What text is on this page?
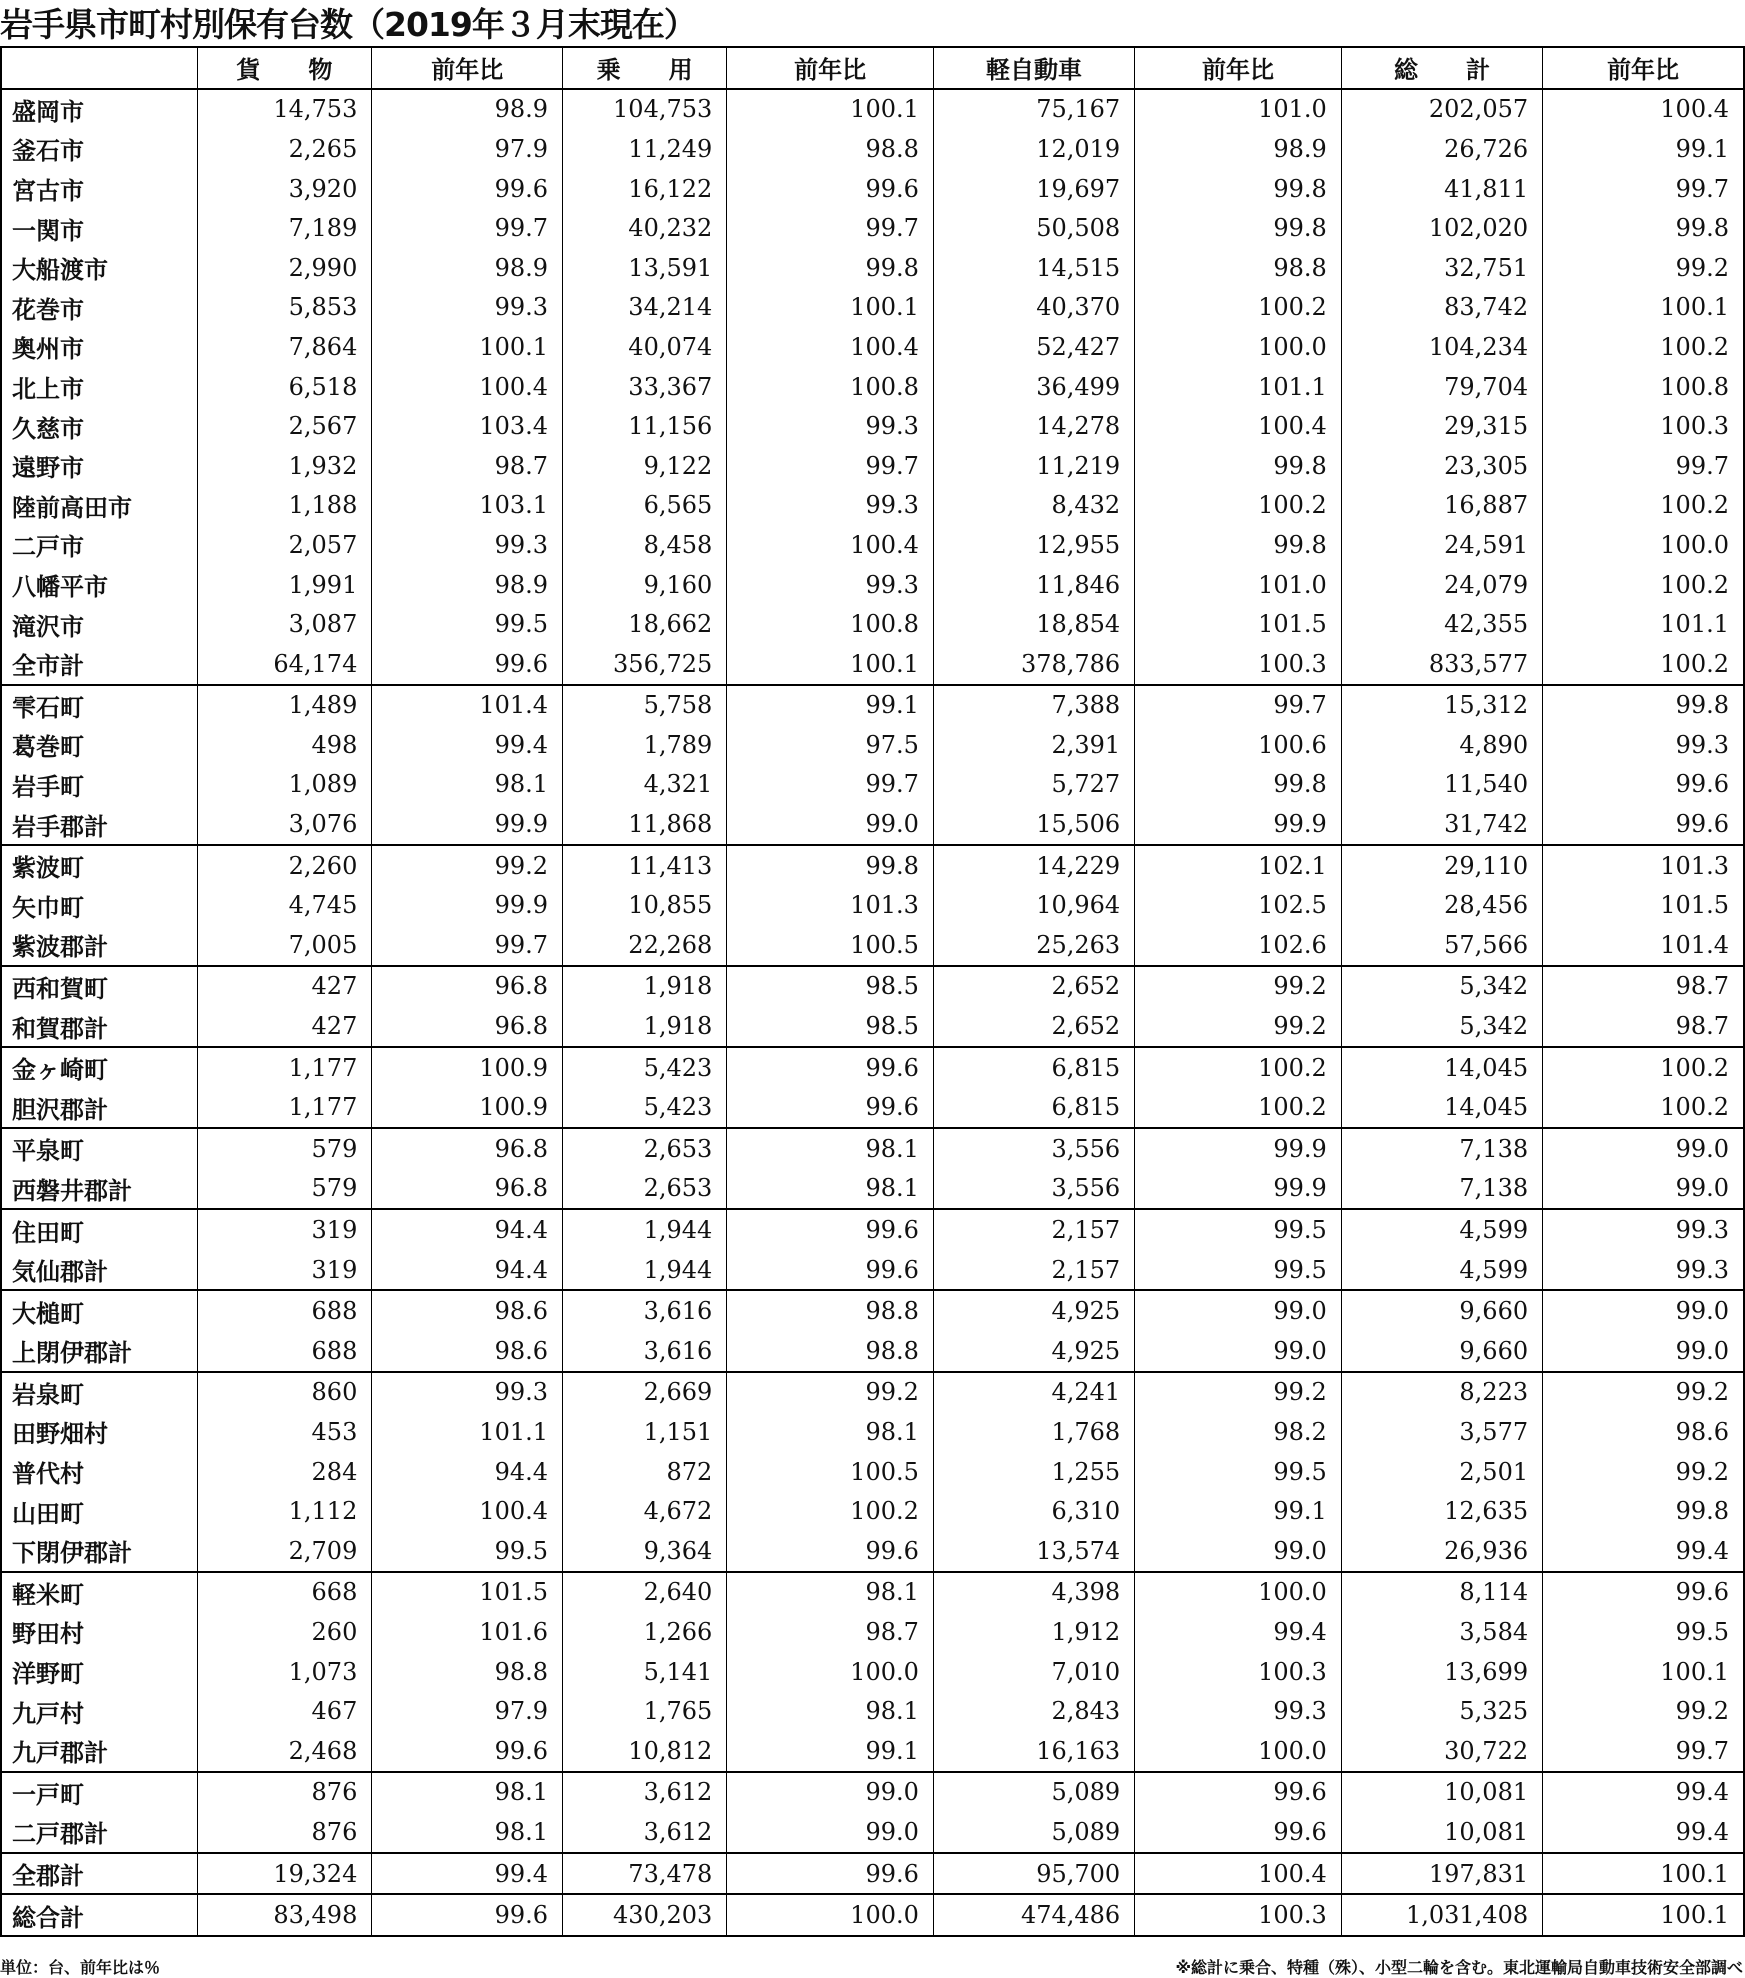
岩手県市町村別保有台数（2019年３月末現在）
	貨　　物	前年比	乗　　用	前年比	軽自動車	前年比	総　　計	前年比
盛岡市	14,753	98.9	104,753	100.1	75,167	101.0	202,057	100.4
釜石市	2,265	97.9	11,249	98.8	12,019	98.9	26,726	99.1
宮古市	3,920	99.6	16,122	99.6	19,697	99.8	41,811	99.7
一関市	7,189	99.7	40,232	99.7	50,508	99.8	102,020	99.8
大船渡市	2,990	98.9	13,591	99.8	14,515	98.8	32,751	99.2
花巻市	5,853	99.3	34,214	100.1	40,370	100.2	83,742	100.1
奥州市	7,864	100.1	40,074	100.4	52,427	100.0	104,234	100.2
北上市	6,518	100.4	33,367	100.8	36,499	101.1	79,704	100.8
久慈市	2,567	103.4	11,156	99.3	14,278	100.4	29,315	100.3
遠野市	1,932	98.7	9,122	99.7	11,219	99.8	23,305	99.7
陸前高田市	1,188	103.1	6,565	99.3	8,432	100.2	16,887	100.2
二戸市	2,057	99.3	8,458	100.4	12,955	99.8	24,591	100.0
八幡平市	1,991	98.9	9,160	99.3	11,846	101.0	24,079	100.2
滝沢市	3,087	99.5	18,662	100.8	18,854	101.5	42,355	101.1
全市計	64,174	99.6	356,725	100.1	378,786	100.3	833,577	100.2
雫石町	1,489	101.4	5,758	99.1	7,388	99.7	15,312	99.8
葛巻町	498	99.4	1,789	97.5	2,391	100.6	4,890	99.3
岩手町	1,089	98.1	4,321	99.7	5,727	99.8	11,540	99.6
岩手郡計	3,076	99.9	11,868	99.0	15,506	99.9	31,742	99.6
紫波町	2,260	99.2	11,413	99.8	14,229	102.1	29,110	101.3
矢巾町	4,745	99.9	10,855	101.3	10,964	102.5	28,456	101.5
紫波郡計	7,005	99.7	22,268	100.5	25,263	102.6	57,566	101.4
西和賀町	427	96.8	1,918	98.5	2,652	99.2	5,342	98.7
和賀郡計	427	96.8	1,918	98.5	2,652	99.2	5,342	98.7
金ヶ崎町	1,177	100.9	5,423	99.6	6,815	100.2	14,045	100.2
胆沢郡計	1,177	100.9	5,423	99.6	6,815	100.2	14,045	100.2
平泉町	579	96.8	2,653	98.1	3,556	99.9	7,138	99.0
西磐井郡計	579	96.8	2,653	98.1	3,556	99.9	7,138	99.0
住田町	319	94.4	1,944	99.6	2,157	99.5	4,599	99.3
気仙郡計	319	94.4	1,944	99.6	2,157	99.5	4,599	99.3
大槌町	688	98.6	3,616	98.8	4,925	99.0	9,660	99.0
上閉伊郡計	688	98.6	3,616	98.8	4,925	99.0	9,660	99.0
岩泉町	860	99.3	2,669	99.2	4,241	99.2	8,223	99.2
田野畑村	453	101.1	1,151	98.1	1,768	98.2	3,577	98.6
普代村	284	94.4	872	100.5	1,255	99.5	2,501	99.2
山田町	1,112	100.4	4,672	100.2	6,310	99.1	12,635	99.8
下閉伊郡計	2,709	99.5	9,364	99.6	13,574	99.0	26,936	99.4
軽米町	668	101.5	2,640	98.1	4,398	100.0	8,114	99.6
野田村	260	101.6	1,266	98.7	1,912	99.4	3,584	99.5
洋野町	1,073	98.8	5,141	100.0	7,010	100.3	13,699	100.1
九戸村	467	97.9	1,765	98.1	2,843	99.3	5,325	99.2
九戸郡計	2,468	99.6	10,812	99.1	16,163	100.0	30,722	99.7
一戸町	876	98.1	3,612	99.0	5,089	99.6	10,081	99.4
二戸郡計	876	98.1	3,612	99.0	5,089	99.6	10,081	99.4
全郡計	19,324	99.4	73,478	99.6	95,700	100.4	197,831	100.1
総合計	83,498	99.6	430,203	100.0	474,486	100.3	1,031,408	100.1
単位：台、前年比は％	※総計に乗合、特種（殊）、小型二輪を含む。東北運輸局自動車技術安全部調べ
